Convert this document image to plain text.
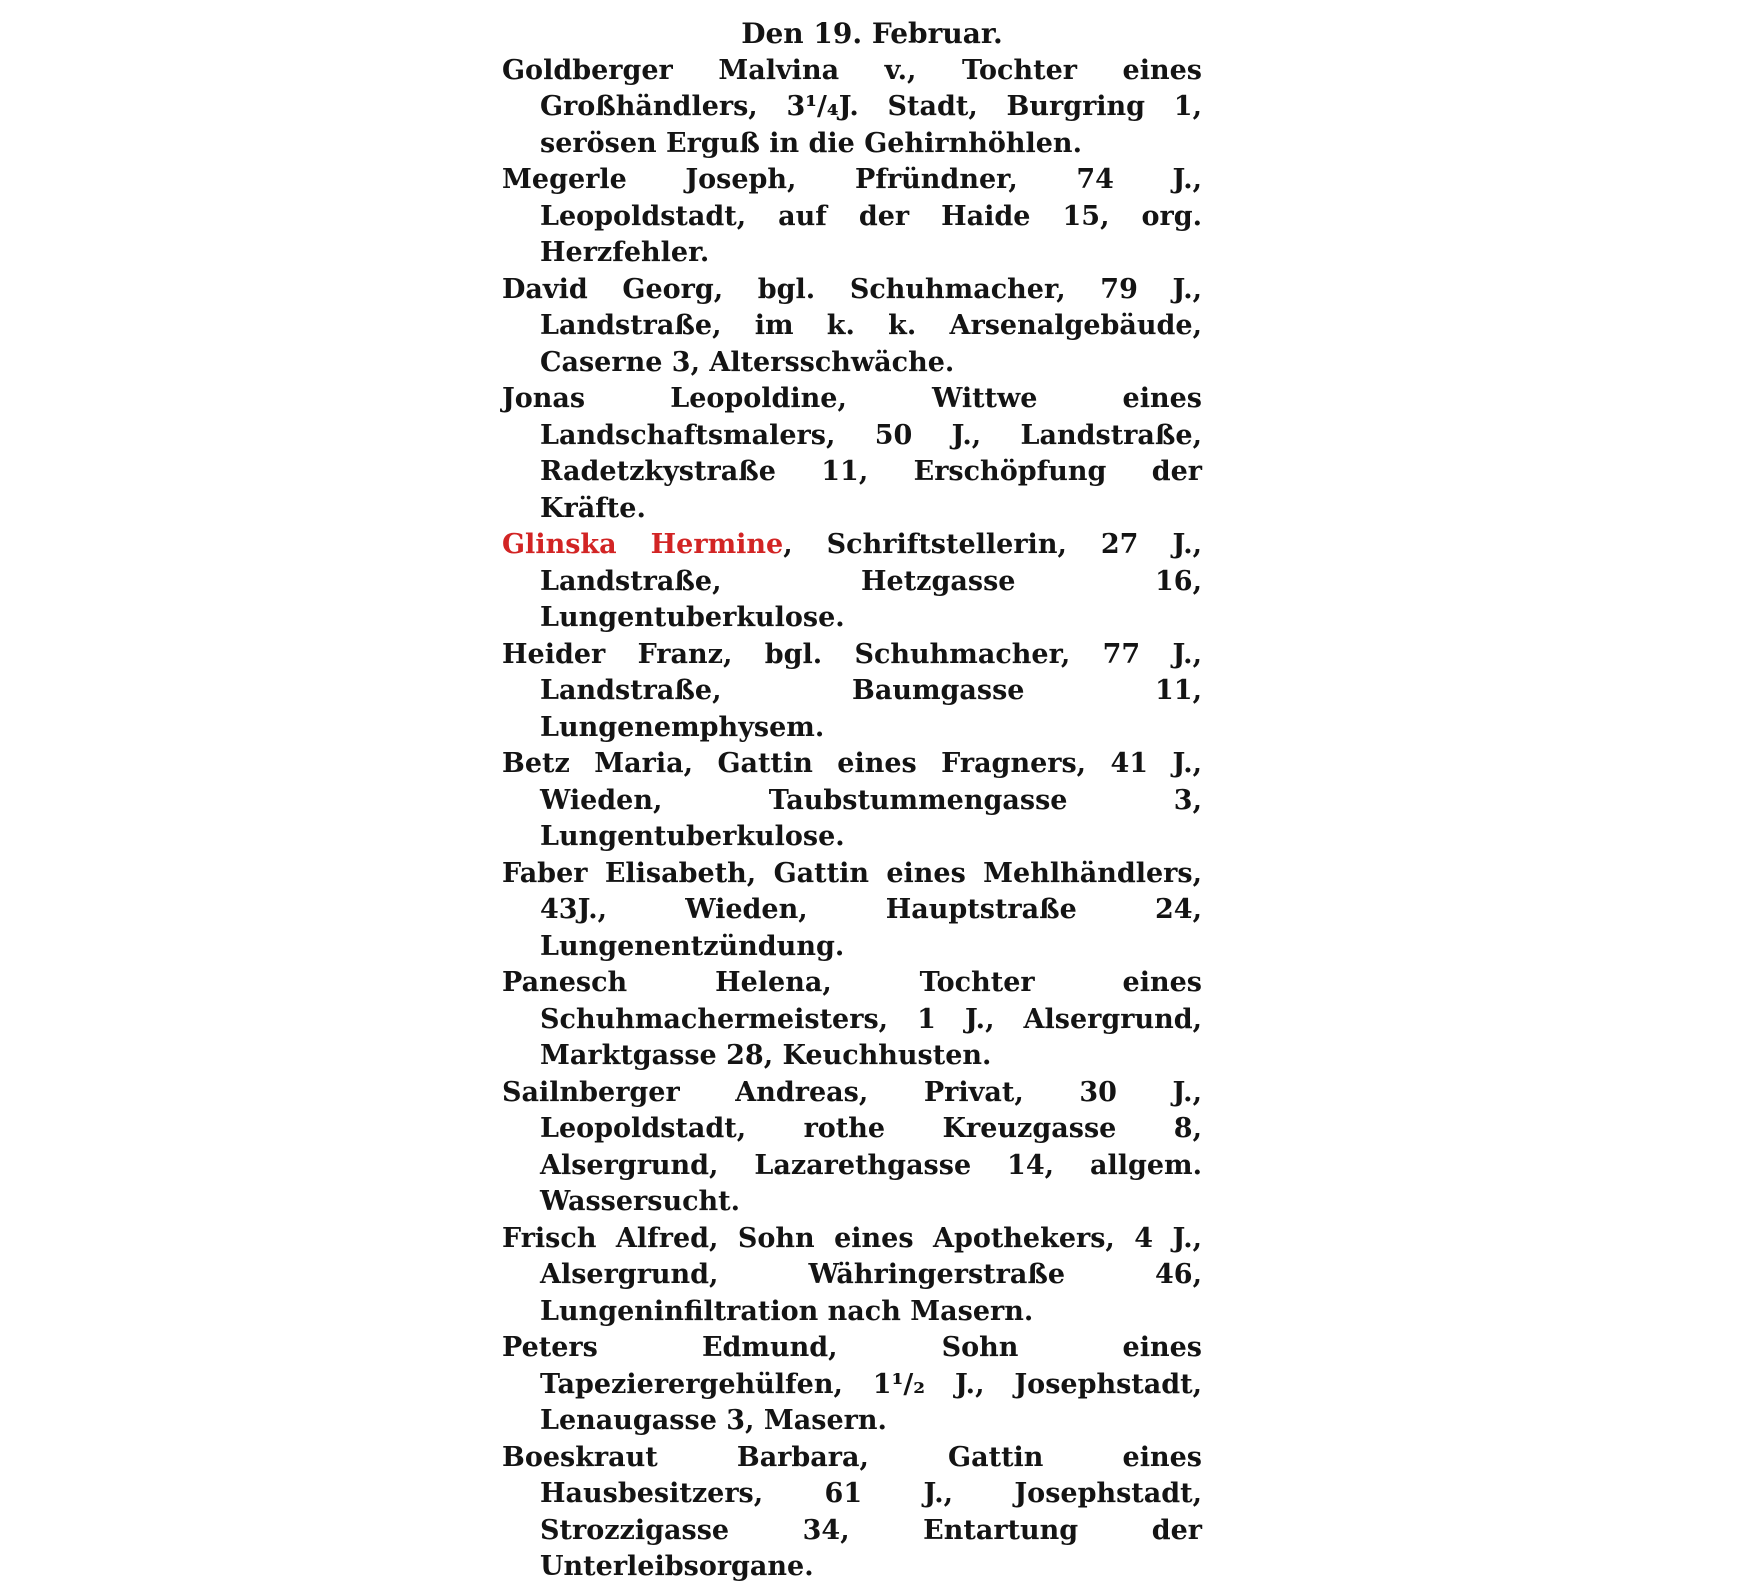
Den 19. Februar.

Goldberger Malvina v., Tochter eines Großhändlers, 3¹/₄J. Stadt, Burgring 1, serösen Erguß in die Gehirnhöhlen.

Megerle Joseph, Pfründner, 74 J., Leopoldstadt, auf der Haide 15, org. Herzfehler.

David Georg, bgl. Schuhmacher, 79 J., Landstraße, im k. k. Arsenalgebäude, Caserne 3, Altersschwäche.

Jonas Leopoldine, Wittwe eines Landschaftsmalers, 50 J., Landstraße, Radetzkystraße 11, Erschöpfung der Kräfte.

Glinska Hermine, Schriftstellerin, 27 J., Landstraße, Hetzgasse 16, Lungentuberkulose.

Heider Franz, bgl. Schuhmacher, 77 J., Landstraße, Baumgasse 11, Lungenemphysem.

Betz Maria, Gattin eines Fragners, 41 J., Wieden, Taubstummengasse 3, Lungentuberkulose.

Faber Elisabeth, Gattin eines Mehlhändlers, 43J., Wieden, Hauptstraße 24, Lungenentzündung.

Panesch Helena, Tochter eines Schuhmachermeisters, 1 J., Alsergrund, Marktgasse 28, Keuchhusten.

Sailnberger Andreas, Privat, 30 J., Leopoldstadt, rothe Kreuzgasse 8, Alsergrund, Lazarethgasse 14, allgem. Wassersucht.

Frisch Alfred, Sohn eines Apothekers, 4 J., Alsergrund, Währingerstraße 46, Lungeninfiltration nach Masern.

Peters Edmund, Sohn eines Tapezierergehülfen, 1¹/₂ J., Josephstadt, Lenaugasse 3, Masern.

Boeskraut Barbara, Gattin eines Hausbesitzers, 61 J., Josephstadt, Strozzigasse 34, Entartung der Unterleibsorgane.
